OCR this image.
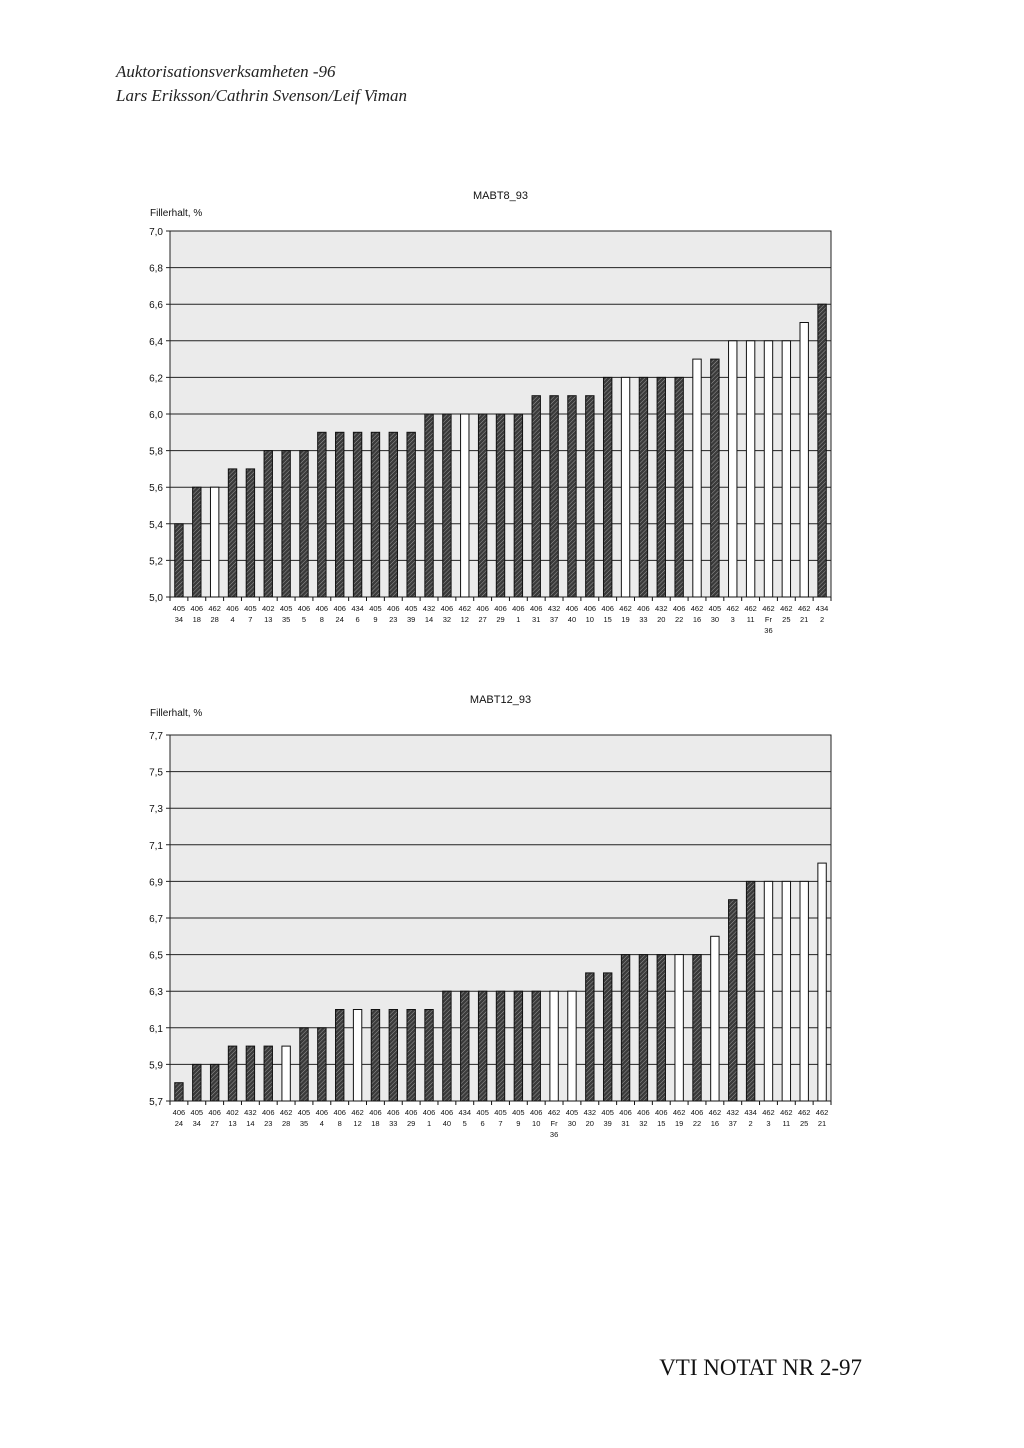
Auktorisationsverksamheten -96
Lars Eriksson/Cathrin Svenson/Leif Viman
5,0
5,2
5,4
5,6
5,8
6,0
6,2
6,4
6,6
6,8
7,0
MABT8_93
Fillerhalt, %
405
34
406
18
462
28
406
4
405
7
402
13
405
35
406
5
406
8
406
24
434
6
405
9
406
23
405
39
432
14
406
32
462
12
406
27
406
29
406
1
406
31
432
37
406
40
406
10
406
15
462
19
406
33
432
20
406
22
462
16
405
30
462
3
462
11
462
Fr
36
462
25
462
21
434
2
5,7
5,9
6,1
6,3
6,5
6,7
6,9
7,1
7,3
7,5
7,7
MABT12_93
Fillerhalt, %
406
24
405
34
406
27
402
13
432
14
406
23
462
28
405
35
406
4
406
8
462
12
406
18
406
33
406
29
406
1
406
40
434
5
405
6
405
7
405
9
406
10
462
Fr
36
405
30
432
20
405
39
406
31
406
32
406
15
462
19
406
22
462
16
432
37
434
2
462
3
462
11
462
25
462
21
VTI NOTAT NR 2-97
